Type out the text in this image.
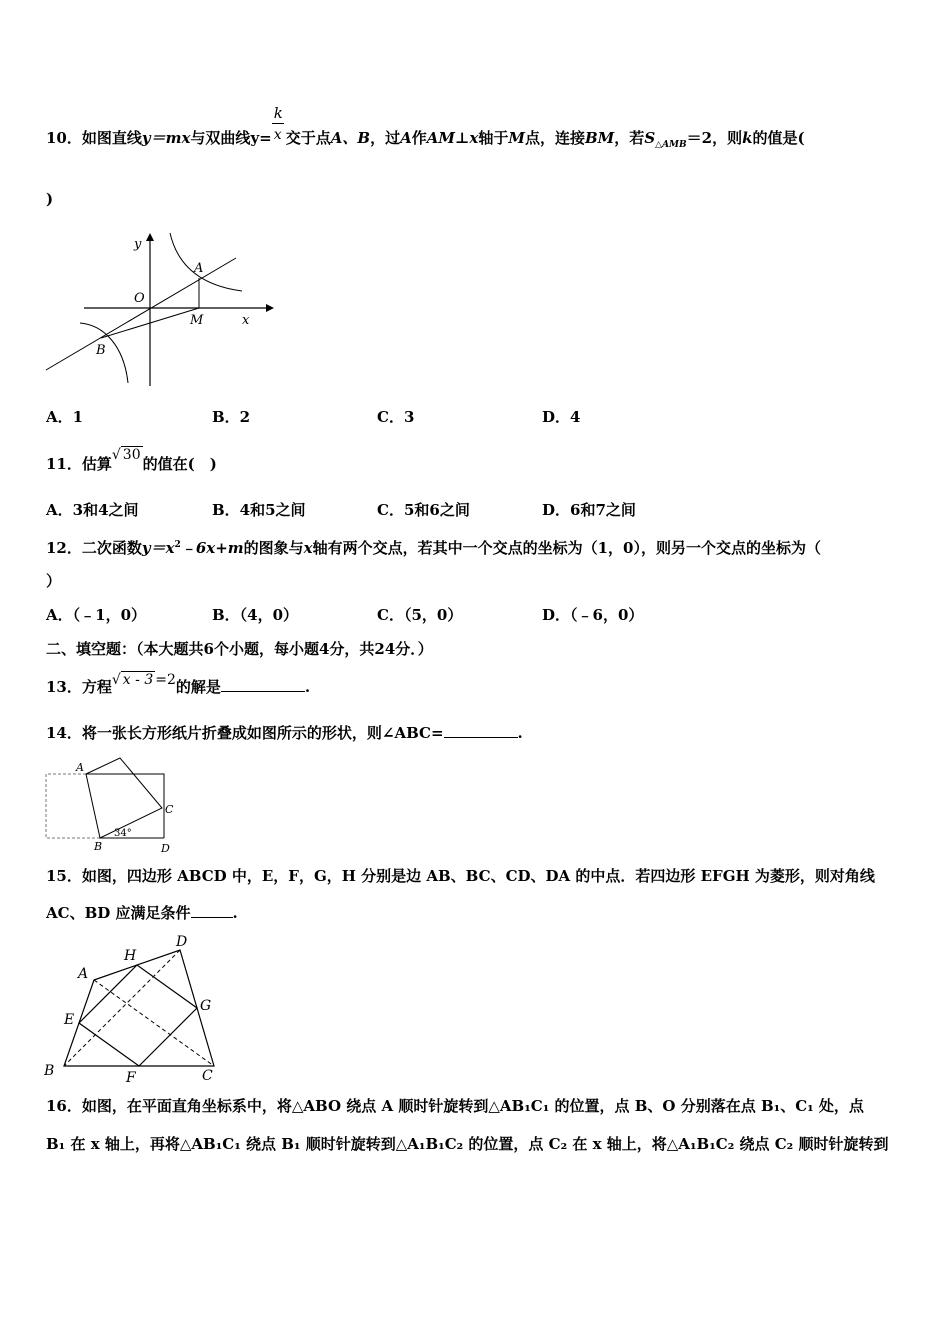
10．如图直线y＝mx与双曲线$y= \frac{k}{x}$ 交于点A、B，过A作AM⊥x轴于M点，连接BM，若$S_{\triangle AMB}=2$，则k的值是(
)
y
x
O
A
B
M
A．1	B．2	C．3	D．4
11．估算√ 30 的值在(　)
A．3和4之间	B．4和5之间	C．5和6之间	D．6和7之间
12．二次函数$y=x^2﹣6x+m$的图象与x轴有两个交点，若其中一个交点的坐标为（1，0），则另一个交点的坐标为（
）
A．（﹣1，0）	B．（4，0）	C．（5，0）	D．（﹣6，0）
二、填空题：（本大题共6个小题，每小题4分，共24分．）
13．方程√ x - 3 =2的解是	.
14．将一张长方形纸片折叠成如图所示的形状，则∠ABC=	.
A
B
C
D
34°
15．如图，四边形 ABCD 中，E，F，G，H 分别是边 AB、BC、CD、DA 的中点．若四边形 EFGH 为菱形，则对角线
AC、BD 应满足条件	.
A
B	C
D
E
F
G
H
16．如图，在平面直角坐标系中，将△ABO 绕点 A 顺时针旋转到△AB₁C₁ 的位置，点 B、O 分别落在点 B₁、C₁ 处，点
B₁ 在 x 轴上，再将△AB₁C₁ 绕点 B₁ 顺时针旋转到△A₁B₁C₂ 的位置，点 C₂ 在 x 轴上，将△A₁B₁C₂ 绕点 C₂ 顺时针旋转到
